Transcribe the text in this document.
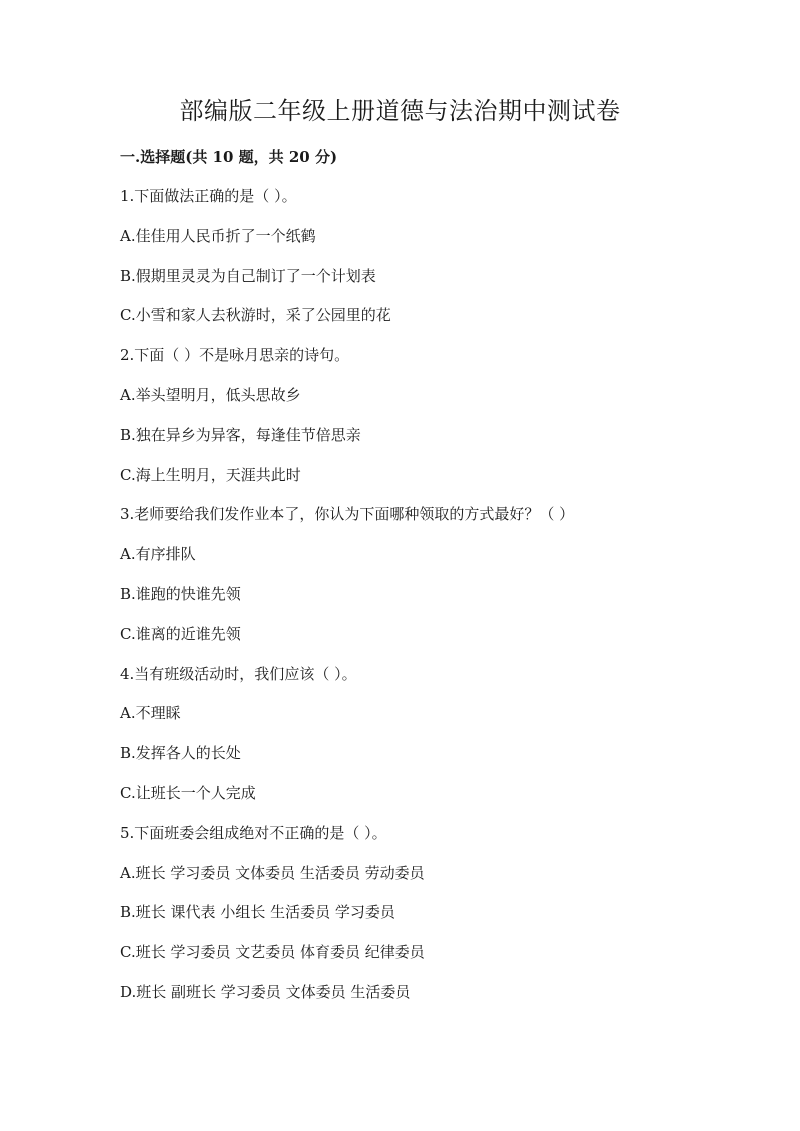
部编版二年级上册道德与法治期中测试卷
一.选择题(共 10 题，共 20 分)
1.下面做法正确的是（ ）。
A.佳佳用人民币折了一个纸鹤
B.假期里灵灵为自己制订了一个计划表
C.小雪和家人去秋游时，采了公园里的花
2.下面（ ）不是咏月思亲的诗句。
A.举头望明月，低头思故乡
B.独在异乡为异客，每逢佳节倍思亲
C.海上生明月，天涯共此时
3.老师要给我们发作业本了，你认为下面哪种领取的方式最好？（ ）
A.有序排队
B.谁跑的快谁先领
C.谁离的近谁先领
4.当有班级活动时，我们应该（ ）。
A.不理睬
B.发挥各人的长处
C.让班长一个人完成
5.下面班委会组成绝对不正确的是（ ）。
A.班长 学习委员 文体委员 生活委员 劳动委员
B.班长 课代表 小组长 生活委员 学习委员
C.班长 学习委员 文艺委员 体育委员 纪律委员
D.班长 副班长 学习委员 文体委员 生活委员
